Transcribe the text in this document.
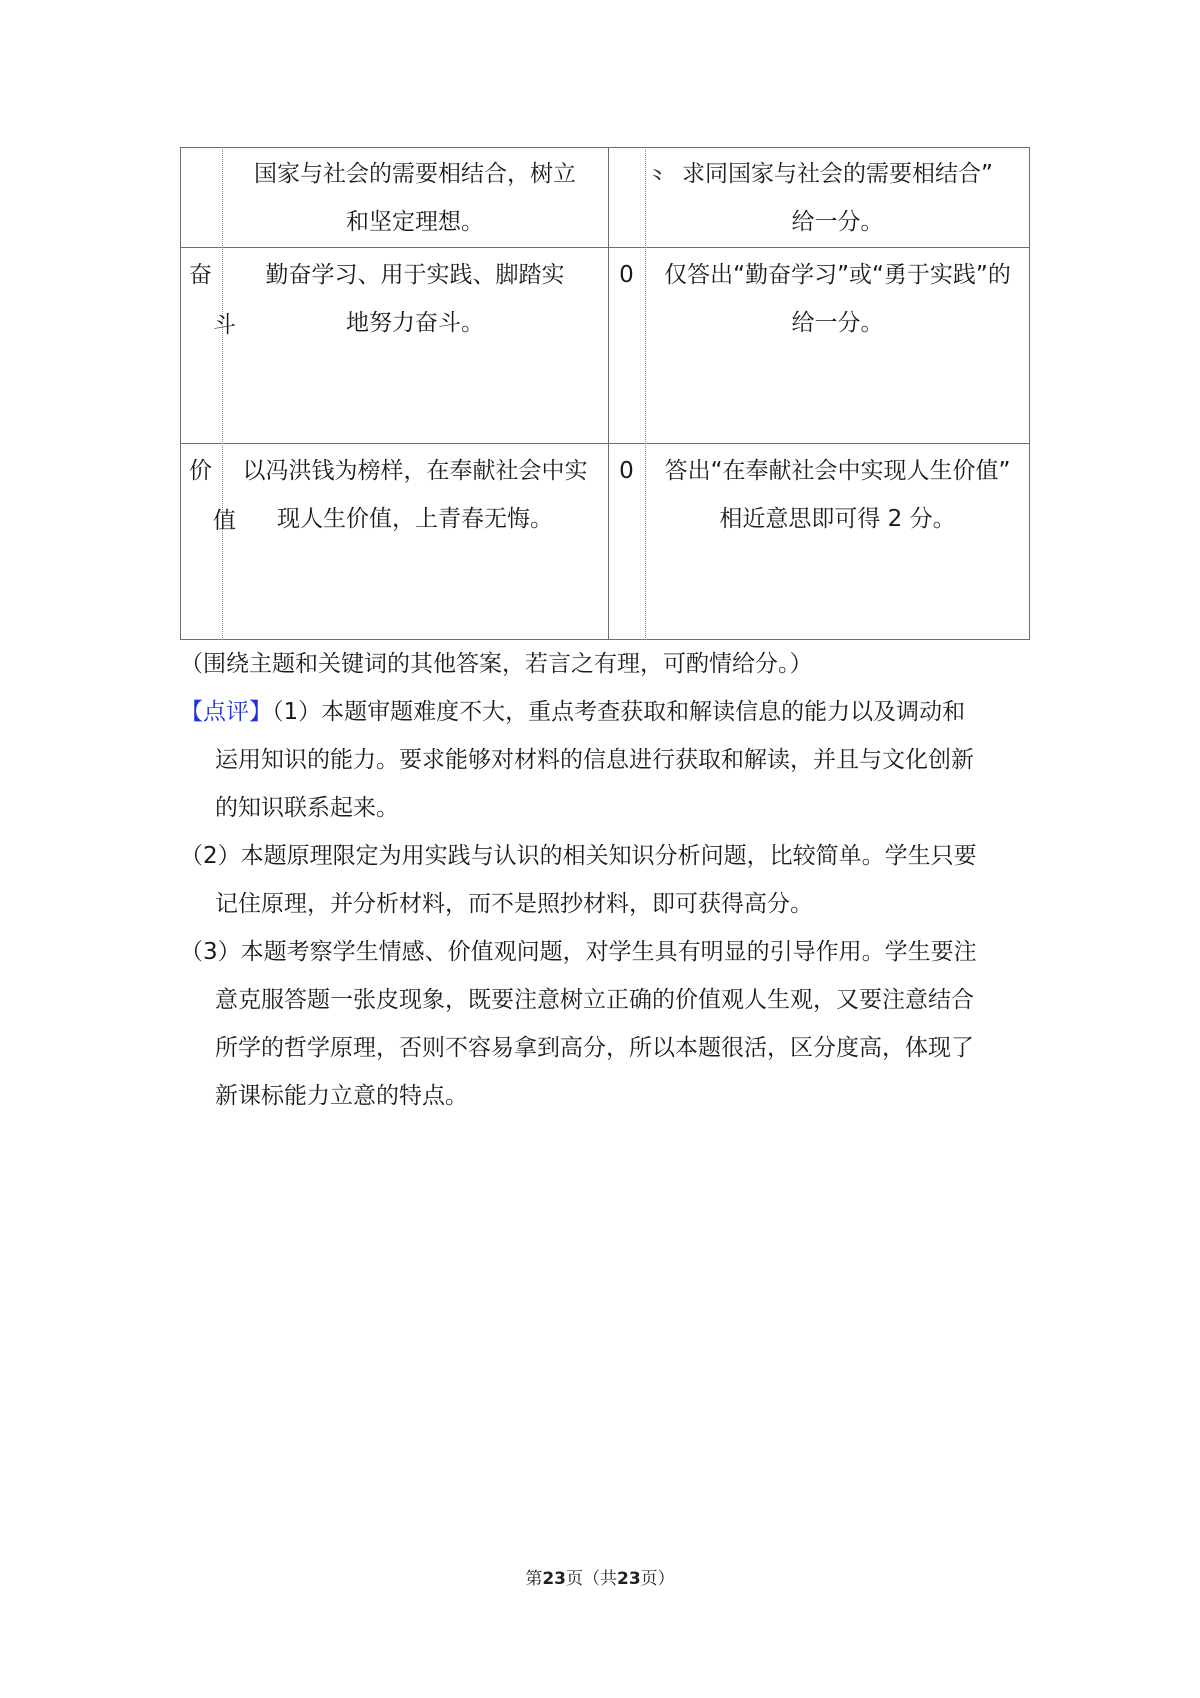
国家与社会的需要相结合，树立
和坚定理想。
⺀ 求同国家与社会的需要相结合”
给一分。
奋
斗
勤奋学习、用于实践、脚踏实
地努力奋斗。
0	仅答出“勤奋学习”或“勇于实践”的
给一分。
价
值
以冯洪钱为榜样，在奉献社会中实
现人生价值，上青春无悔。
0	答出“在奉献社会中实现人生价值”
相近意思即可得 2 分。
（围绕主题和关键词的其他答案，若言之有理，可酌情给分。）
【点评】（1）本题审题难度不大，重点考查获取和解读信息的能力以及调动和
运用知识的能力。要求能够对材料的信息进行获取和解读，并且与文化创新
的知识联系起来。
（2）本题原理限定为用实践与认识的相关知识分析问题，比较简单。学生只要
记住原理，并分析材料，而不是照抄材料，即可获得高分。
（3）本题考察学生情感、价值观问题，对学生具有明显的引导作用。学生要注
意克服答题一张皮现象，既要注意树立正确的价值观人生观，又要注意结合
所学的哲学原理，否则不容易拿到高分，所以本题很活，区分度高，体现了
新课标能力立意的特点。
第23页（共23页）
